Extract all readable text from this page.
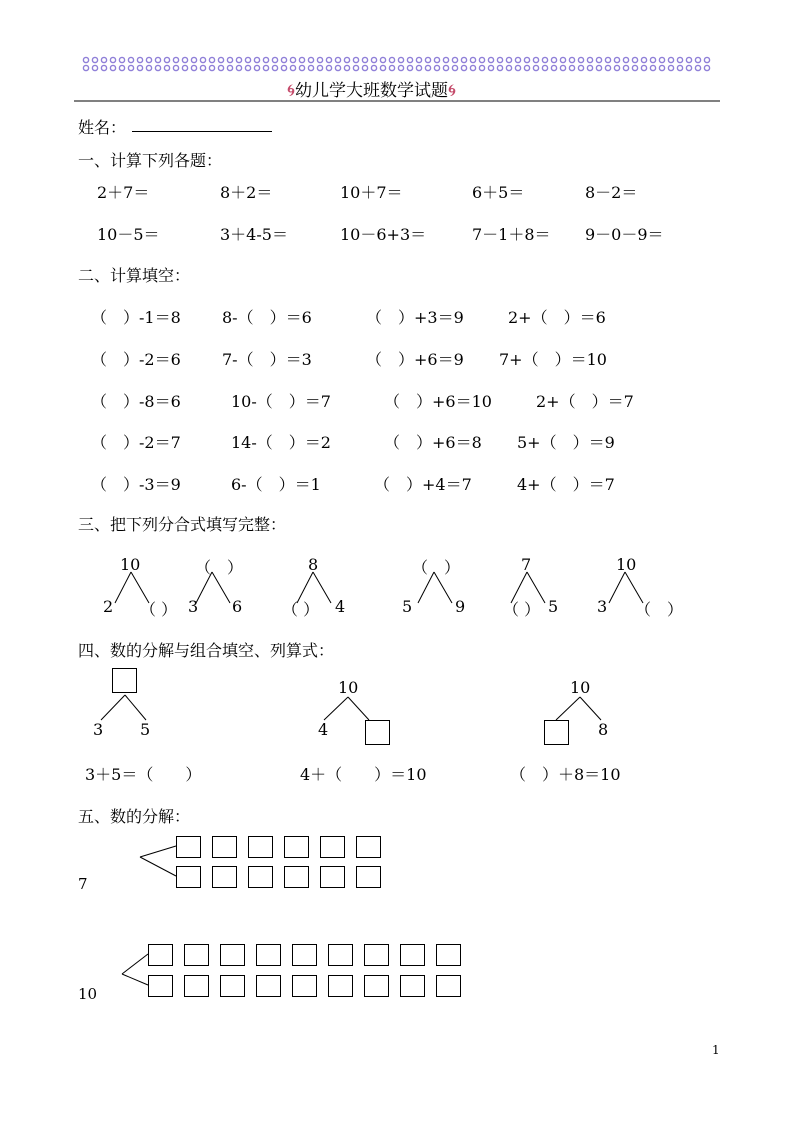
🌀︎幼儿学大班数学试题🌀︎
姓名：
一、计算下列各题：
二、计算填空：
三、把下列分合式填写完整：
四、数的分解与组合填空、列算式：
五、数的分解：
1
2＋7＝	8＋2＝	10＋7＝	6＋5＝	8－2＝
10－5＝	3＋4-5＝	10－6+3＝	7－1＋8＝ 9－0－9＝
（　）-1＝8	8-（　）＝6	（　）+3＝9	2+（　）＝6
（　）-2＝6	7-（　）＝3	（　）+6＝9 7+（　）＝10
（　）-8＝6	10-（　）＝7	（　）+6＝10	2+（　）＝7
（　）-2＝7	14-（　）＝2	（　）+6＝8 5+（　）＝9
（　）-3＝9	6-（　）＝1	（　）+4＝7	4+（　）＝7
10
2 （ ）
（　）
3 6
8
（ ） 4
（　）
5	9
7
（ ） 5
10
3 （　）
3 5
3＋5＝（　　）
10
4
4＋（　　）＝10
10
8
（　）＋8＝10
7
10
